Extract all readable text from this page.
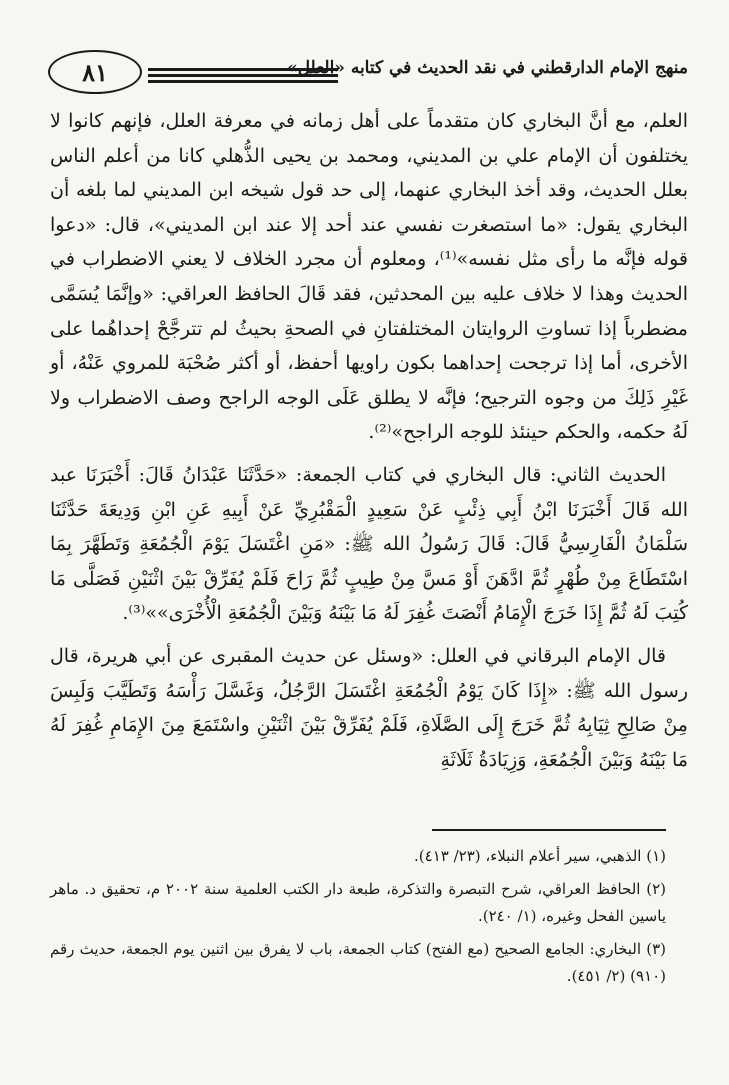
٨١	منهج الإمام الدارقطني في نقد الحديث في كتابه «العلل»

العلم، مع أنَّ البخاري كان متقدماً على أهل زمانه في معرفة العلل، فإنهم كانوا لا يختلفون أن الإمام علي بن المديني، ومحمد بن يحيى الذُّهلي كانا من أعلم الناس بعلل الحديث، وقد أخذ البخاري عنهما، إلى حد قول شيخه ابن المديني لما بلغه أن البخاري يقول: «ما استصغرت نفسي عند أحد إلا عند ابن المديني»، قال: «دعوا قوله فإنَّه ما رأى مثل نفسه»⁽¹⁾، ومعلوم أن مجرد الخلاف لا يعني الاضطراب في الحديث وهذا لا خلاف عليه بين المحدثين، فقد قَالَ الحافظ العراقي: «وإنَّمَا يُسَمَّى مضطرباً إذا تساوتِ الروايتان المختلفتانِ في الصحةِ بحيثُ لم تترجَّحْ إحداهُما على الأخرى، أما إذا ترجحت إحداهما بكون راويها أحفظ، أو أكثر صُحْبَة للمروي عَنْهُ، أو غَيْرِ ذَلِكَ من وجوه الترجيح؛ فإنَّه لا يطلق عَلَى الوجه الراجح وصف الاضطراب ولا لَهُ حكمه، والحكم حينئذ للوجه الراجح»⁽²⁾.

الحديث الثاني: قال البخاري في كتاب الجمعة: «حَدَّثَنَا عَبْدَانُ قَالَ: أَخْبَرَنَا عبد الله قَالَ أَخْبَرَنَا ابْنُ أَبِي ذِئْبٍ عَنْ سَعِيدٍ الْمَقْبُرِيِّ عَنْ أَبِيهِ عَنِ ابْنِ وَدِيعَةَ حَدَّثَنَا سَلْمَانُ الْفَارِسِيُّ قَالَ: قَالَ رَسُولُ الله ﷺ: «مَنِ اغْتَسَلَ يَوْمَ الْجُمُعَةِ وَتَطَهَّرَ بِمَا اسْتَطَاعَ مِنْ طُهْرٍ ثُمَّ ادَّهَنَ أَوْ مَسَّ مِنْ طِيبٍ ثُمَّ رَاحَ فَلَمْ يُفَرِّقْ بَيْنَ اثْنَيْنِ فَصَلَّى مَا كُتِبَ لَهُ ثُمَّ إِذَا خَرَجَ الْإِمَامُ أَنْصَتَ غُفِرَ لَهُ مَا بَيْنَهُ وَبَيْنَ الْجُمُعَةِ الْأُخْرَى»»⁽³⁾.

قال الإمام البرقاني في العلل: «وسئل عن حديث المقبرى عن أبي هريرة، قال رسول الله ﷺ: «إِذَا كَانَ يَوْمُ الْجُمُعَةِ اغْتَسَلَ الرَّجُلُ، وَغَسَّلَ رَأْسَهُ وَتَطَيَّبَ وَلَبِسَ مِنْ صَالِحِ ثِيَابِهُ ثُمَّ خَرَجَ إِلَى الصَّلَاةِ، فَلَمْ يُفَرِّقْ بَيْنَ اثْنَيْنِ واسْتَمَعَ مِنَ الإِمَامِ غُفِرَ لَهُ مَا بَيْنَهُ وَبَيْنَ الْجُمُعَةِ، وَزِيَادَةُ ثَلَاثَةِ

(١) الذهبي، سير أعلام النبلاء، (٢٣/ ٤١٣).

(٢) الحافظ العراقي، شرح التبصرة والتذكرة، طبعة دار الكتب العلمية سنة ٢٠٠٢ م، تحقيق د. ماهر ياسين الفحل وغيره، (١/ ٢٤٠).

(٣) البخاري: الجامع الصحيح (مع الفتح) كتاب الجمعة، باب لا يفرق بين اثنين يوم الجمعة، حديث رقم (٩١٠) (٢/ ٤٥١).
